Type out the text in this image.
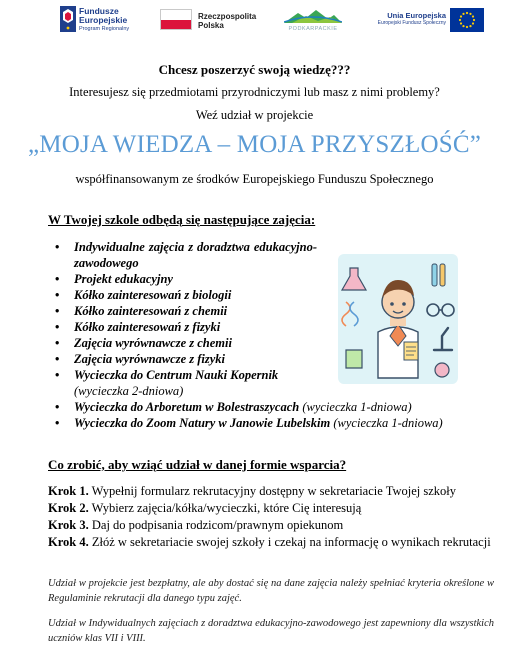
Fundusze
Europejskie
Program Regionalny
Rzeczpospolita
Polska	PODKARPACKIE
Unia Europejska
Europejski Fundusz Społeczny
Chcesz poszerzyć swoją wiedzę???
Interesujesz się przedmiotami przyrodniczymi lub masz z nimi problemy?
Weź udział w projekcie
„MOJA WIEDZA – MOJA PRZYSZŁOŚĆ”
współfinansowanym ze środków Europejskiego Funduszu Społecznego
W Twojej szkole odbędą się następujące zajęcia:
• Indywidualne zajęcia z doradztwa edukacyjno-zawodowego
• Projekt edukacyjny
• Kółko zainteresowań z biologii
• Kółko zainteresowań z chemii
• Kółko zainteresowań z fizyki
• Zajęcia wyrównawcze z chemii
• Zajęcia wyrównawcze z fizyki
• Wycieczka do Centrum Nauki Kopernik
(wycieczka 2-dniowa)
• Wycieczka do Arboretum w Bolestraszycach (wycieczka 1-dniowa)
• Wycieczka do Zoom Natury w Janowie Lubelskim (wycieczka 1-dniowa)
Co zrobić, aby wziąć udział w danej formie wsparcia?

Krok 1. Wypełnij formularz rekrutacyjny dostępny w sekretariacie Twojej szkoły

Krok 2. Wybierz zajęcia/kółka/wycieczki, które Cię interesują

Krok 3. Daj do podpisania rodzicom/prawnym opiekunom

Krok 4. Złóż w sekretariacie swojej szkoły i czekaj na informację o wynikach rekrutacji

Udział w projekcie jest bezpłatny, ale aby dostać się na dane zajęcia należy spełniać kryteria określone w Regulaminie rekrutacji dla danego typu zajęć.
Udział w Indywidualnych zajęciach z doradztwa edukacyjno-zawodowego jest zapewniony dla wszystkich uczniów klas VII i VIII.
